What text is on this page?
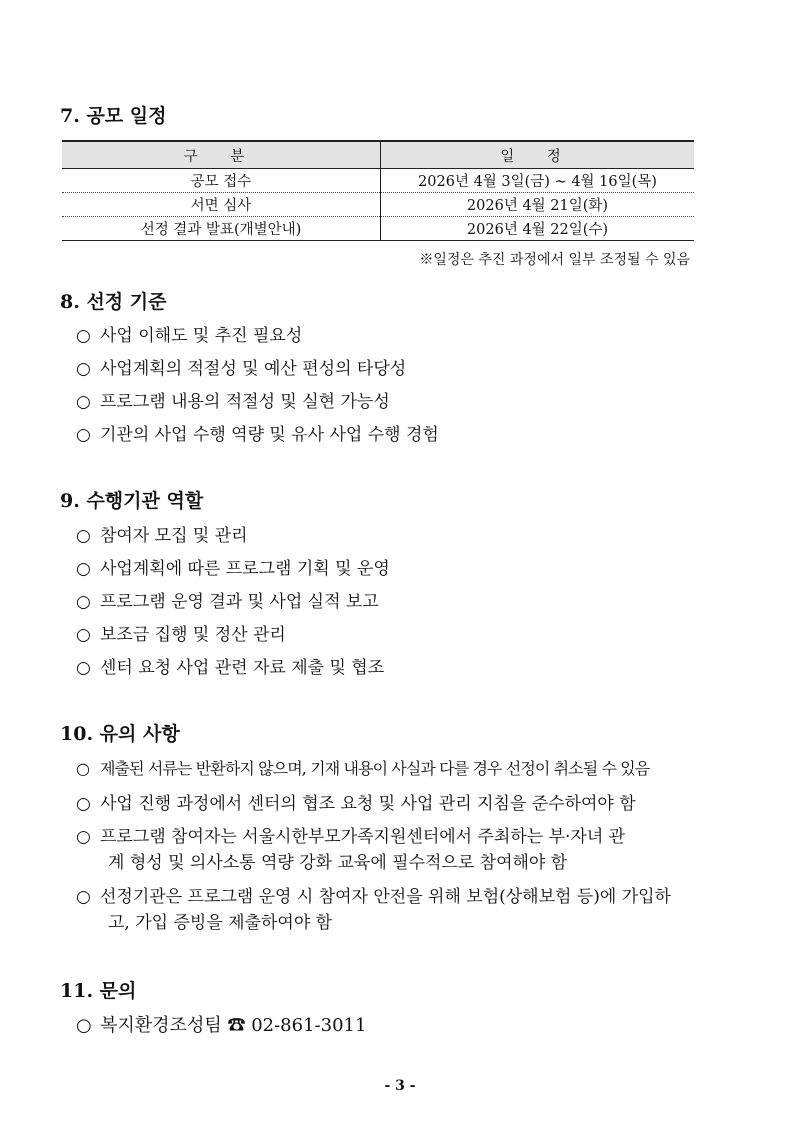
7. 공모 일정
구 분	일 정
공모 접수	2026년 4월 3일(금) ~ 4월 16일(목)
서면 심사	2026년 4월 21일(화)
선정 결과 발표(개별안내)	2026년 4월 22일(수)
※일정은 추진 과정에서 일부 조정될 수 있음
8. 선정 기준
○ 사업 이해도 및 추진 필요성
○ 사업계획의 적절성 및 예산 편성의 타당성
○ 프로그램 내용의 적절성 및 실현 가능성
○ 기관의 사업 수행 역량 및 유사 사업 수행 경험
9. 수행기관 역할
○ 참여자 모집 및 관리
○ 사업계획에 따른 프로그램 기획 및 운영
○ 프로그램 운영 결과 및 사업 실적 보고
○ 보조금 집행 및 정산 관리
○ 센터 요청 사업 관련 자료 제출 및 협조
10. 유의 사항
○ 제출된 서류는 반환하지 않으며, 기재 내용이 사실과 다를 경우 선정이 취소될 수 있음
○ 사업 진행 과정에서 센터의 협조 요청 및 사업 관리 지침을 준수하여야 함
○ 프로그램 참여자는 서울시한부모가족지원센터에서 주최하는 부·자녀 관
계 형성 및 의사소통 역량 강화 교육에 필수적으로 참여해야 함
○ 선정기관은 프로그램 운영 시 참여자 안전을 위해 보험(상해보험 등)에 가입하
고, 가입 증빙을 제출하여야 함
11. 문의
○ 복지환경조성팀 ☎ 02-861-3011
- 3 -
